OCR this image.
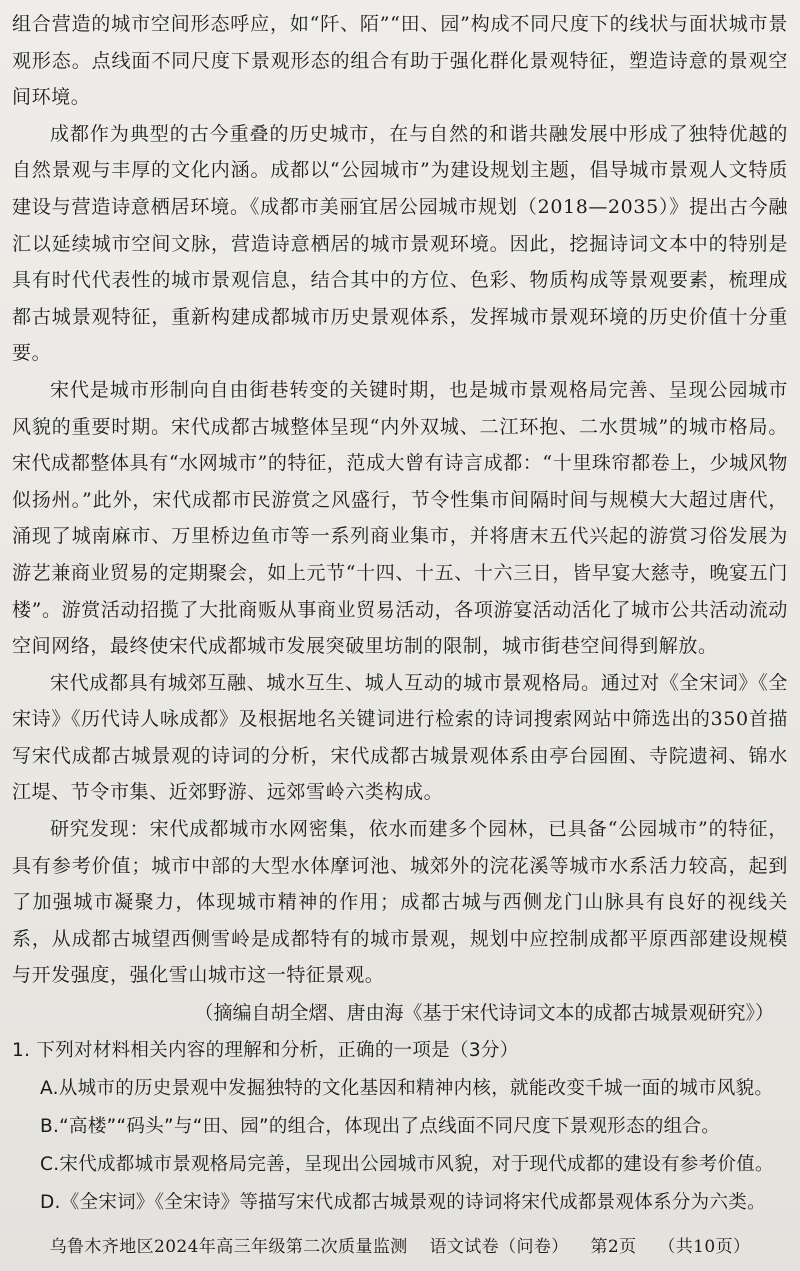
组合营造的城市空间形态呼应，如“阡、陌”“田、园”构成不同尺度下的线状与面状城市景观形态。点线面不同尺度下景观形态的组合有助于强化群化景观特征，塑造诗意的景观空间环境。

成都作为典型的古今重叠的历史城市，在与自然的和谐共融发展中形成了独特优越的自然景观与丰厚的文化内涵。成都以“公园城市”为建设规划主题，倡导城市景观人文特质建设与营造诗意栖居环境。《成都市美丽宜居公园城市规划（2018—2035）》提出古今融汇以延续城市空间文脉，营造诗意栖居的城市景观环境。因此，挖掘诗词文本中的特别是具有时代代表性的城市景观信息，结合其中的方位、色彩、物质构成等景观要素，梳理成都古城景观特征，重新构建成都城市历史景观体系，发挥城市景观环境的历史价值十分重要。

宋代是城市形制向自由街巷转变的关键时期，也是城市景观格局完善、呈现公园城市风貌的重要时期。宋代成都古城整体呈现“内外双城、二江环抱、二水贯城”的城市格局。宋代成都整体具有“水网城市”的特征，范成大曾有诗言成都：“十里珠帘都卷上，少城风物似扬州。”此外，宋代成都市民游赏之风盛行，节令性集市间隔时间与规模大大超过唐代，涌现了城南麻市、万里桥边鱼市等一系列商业集市，并将唐末五代兴起的游赏习俗发展为游艺兼商业贸易的定期聚会，如上元节“十四、十五、十六三日，皆早宴大慈寺，晚宴五门楼”。游赏活动招揽了大批商贩从事商业贸易活动，各项游宴活动活化了城市公共活动流动空间网络，最终使宋代成都城市发展突破里坊制的限制，城市街巷空间得到解放。

宋代成都具有城郊互融、城水互生、城人互动的城市景观格局。通过对《全宋词》《全宋诗》《历代诗人咏成都》及根据地名关键词进行检索的诗词搜索网站中筛选出的350首描写宋代成都古城景观的诗词的分析，宋代成都古城景观体系由亭台园囿、寺院遗祠、锦水江堤、节令市集、近郊野游、远郊雪岭六类构成。

研究发现：宋代成都城市水网密集，依水而建多个园林，已具备“公园城市”的特征，具有参考价值；城市中部的大型水体摩诃池、城郊外的浣花溪等城市水系活力较高，起到了加强城市凝聚力，体现城市精神的作用；成都古城与西侧龙门山脉具有良好的视线关系，从成都古城望西侧雪岭是成都特有的城市景观，规划中应控制成都平原西部建设规模与开发强度，强化雪山城市这一特征景观。

（摘编自胡全熠、唐由海《基于宋代诗词文本的成都古城景观研究》）

1. 下列对材料相关内容的理解和分析，正确的一项是（3分）

A.从城市的历史景观中发掘独特的文化基因和精神内核，就能改变千城一面的城市风貌。

B.“高楼”“码头”与“田、园”的组合，体现出了点线面不同尺度下景观形态的组合。

C.宋代成都城市景观格局完善，呈现出公园城市风貌，对于现代成都的建设有参考价值。

D.《全宋词》《全宋诗》等描写宋代成都古城景观的诗词将宋代成都景观体系分为六类。

乌鲁木齐地区2024年高三年级第二次质量监测 语文试卷（问卷） 第2页 （共10页）
